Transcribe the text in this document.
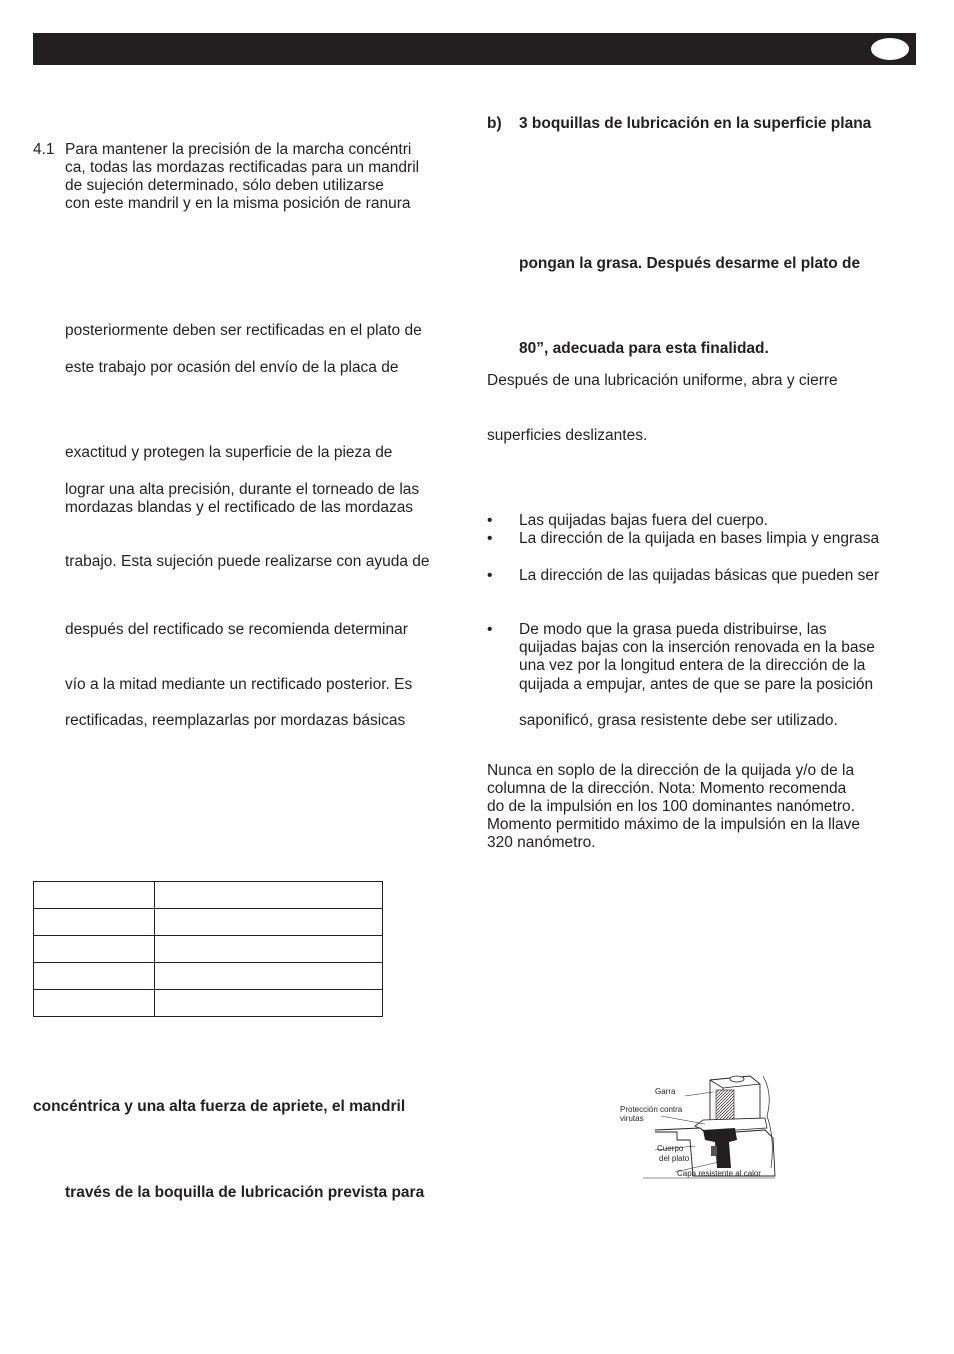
4.1 Para mantener la precisión de la marcha concéntri
ca, todas las mordazas rectificadas para un mandril
de sujeción determinado, sólo deben utilizarse
con este mandril y en la misma posición de ranura
posteriormente deben ser rectificadas en el plato de
este trabajo por ocasión del envío de la placa de
exactitud y protegen la superficie de la pieza de
lograr una alta precisión, durante el torneado de las
mordazas blandas y el rectificado de las mordazas
trabajo. Esta sujeción puede realizarse con ayuda de
después del rectificado se recomienda determinar
vío a la mitad mediante un rectificado posterior. Es
rectificadas, reemplazarlas por mordazas básicas

concéntrica y una alta fuerza de apriete, el mandril
través de la boquilla de lubricación prevista para
b) 3 boquillas de lubricación en la superficie plana
pongan la grasa. Después desarme el plato de
80”, adecuada para esta finalidad.
Después de una lubricación uniforme, abra y cierre
superficies deslizantes.
• Las quijadas bajas fuera del cuerpo.
• La dirección de la quijada en bases limpia y engrasa
• La dirección de las quijadas básicas que pueden ser
• De modo que la grasa pueda distribuirse, las
quijadas bajas con la inserción renovada en la base
una vez por la longitud entera de la dirección de la
quijada a empujar, antes de que se pare la posición
saponificó, grasa resistente debe ser utilizado.
Nunca en soplo de la dirección de la quijada y/o de la
columna de la dirección. Nota: Momento recomenda
do de la impulsión en los 100 dominantes nanómetro.
Momento permitido máximo de la impulsión en la llave
320 nanómetro.
Garra
Protección contra
virutas
Cuerpo
del plato
Capa resistente al calor
